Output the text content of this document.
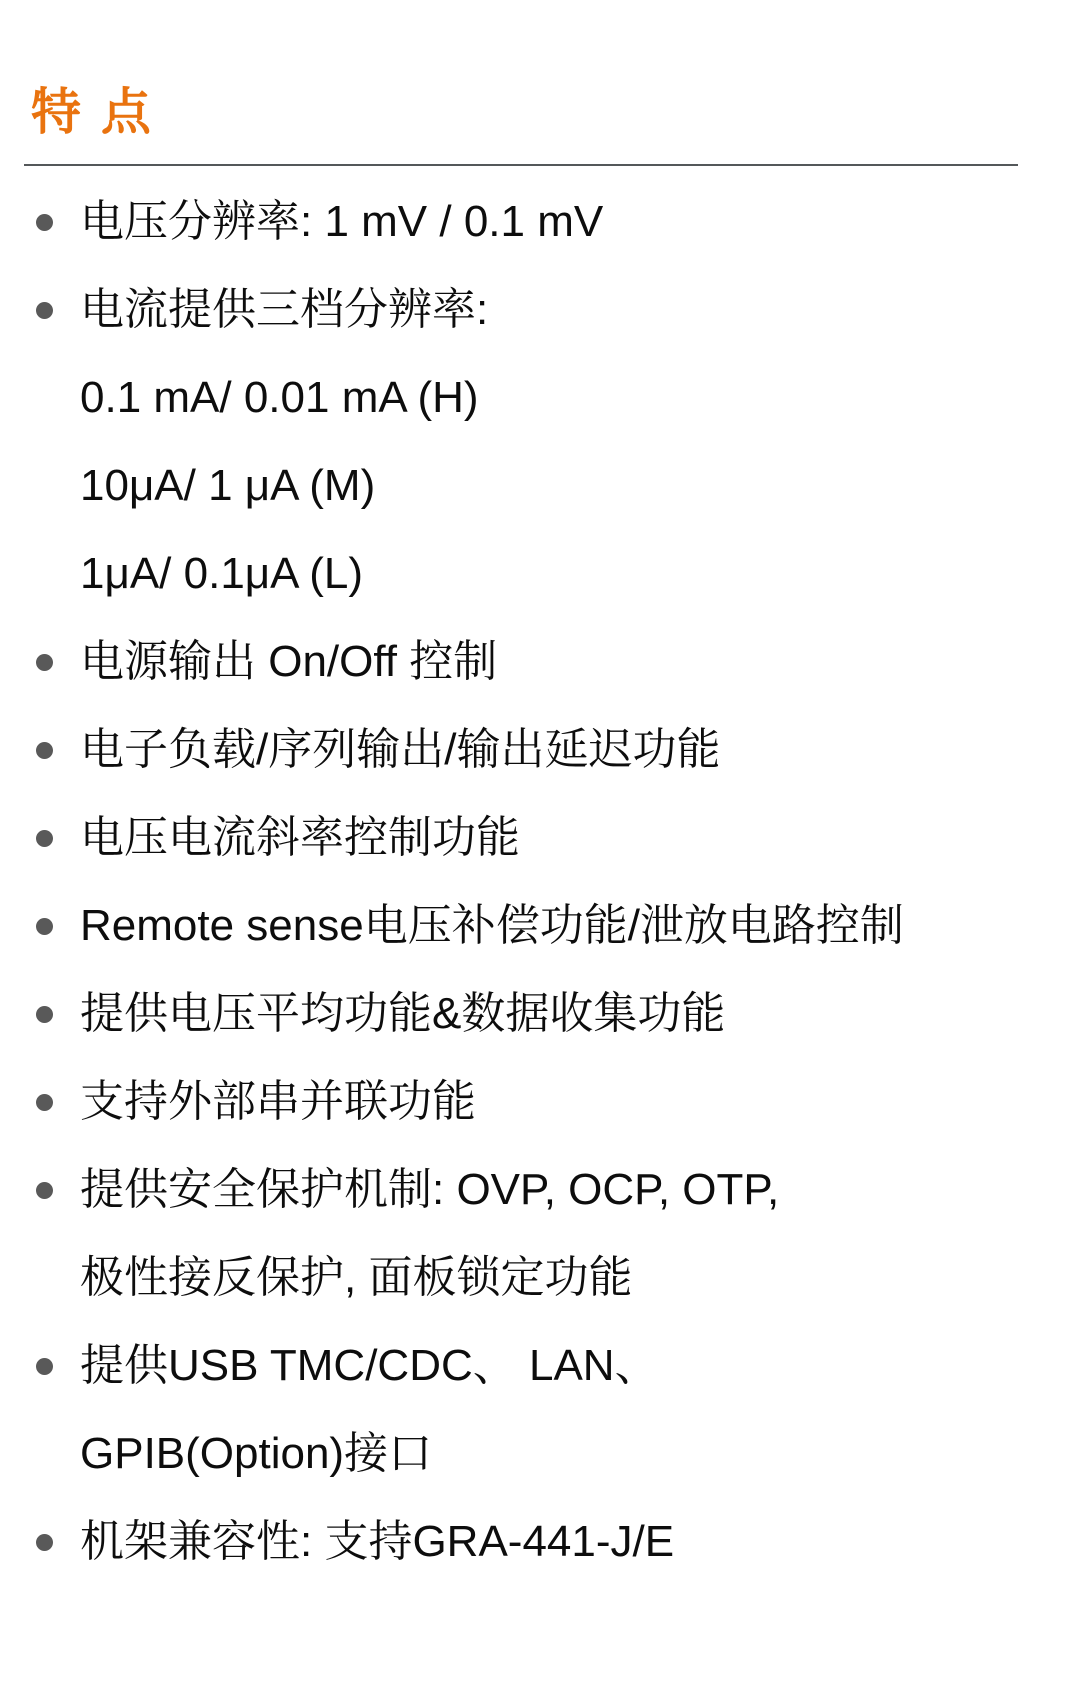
特 点
电压分辨率: 1 mV / 0.1 mV
电流提供三档分辨率:
0.1 mA/ 0.01 mA (H)
10μA/ 1 μA (M)
1μA/ 0.1μA (L)
电源输出 On/Off 控制
电子负载/序列输出/输出延迟功能
电压电流斜率控制功能
Remote sense电压补偿功能/泄放电路控制
提供电压平均功能&数据收集功能
支持外部串并联功能
提供安全保护机制: OVP, OCP, OTP,
极性接反保护, 面板锁定功能
提供USB TMC/CDC、 LAN、
GPIB(Option)接口
机架兼容性: 支持GRA-441-J/E
